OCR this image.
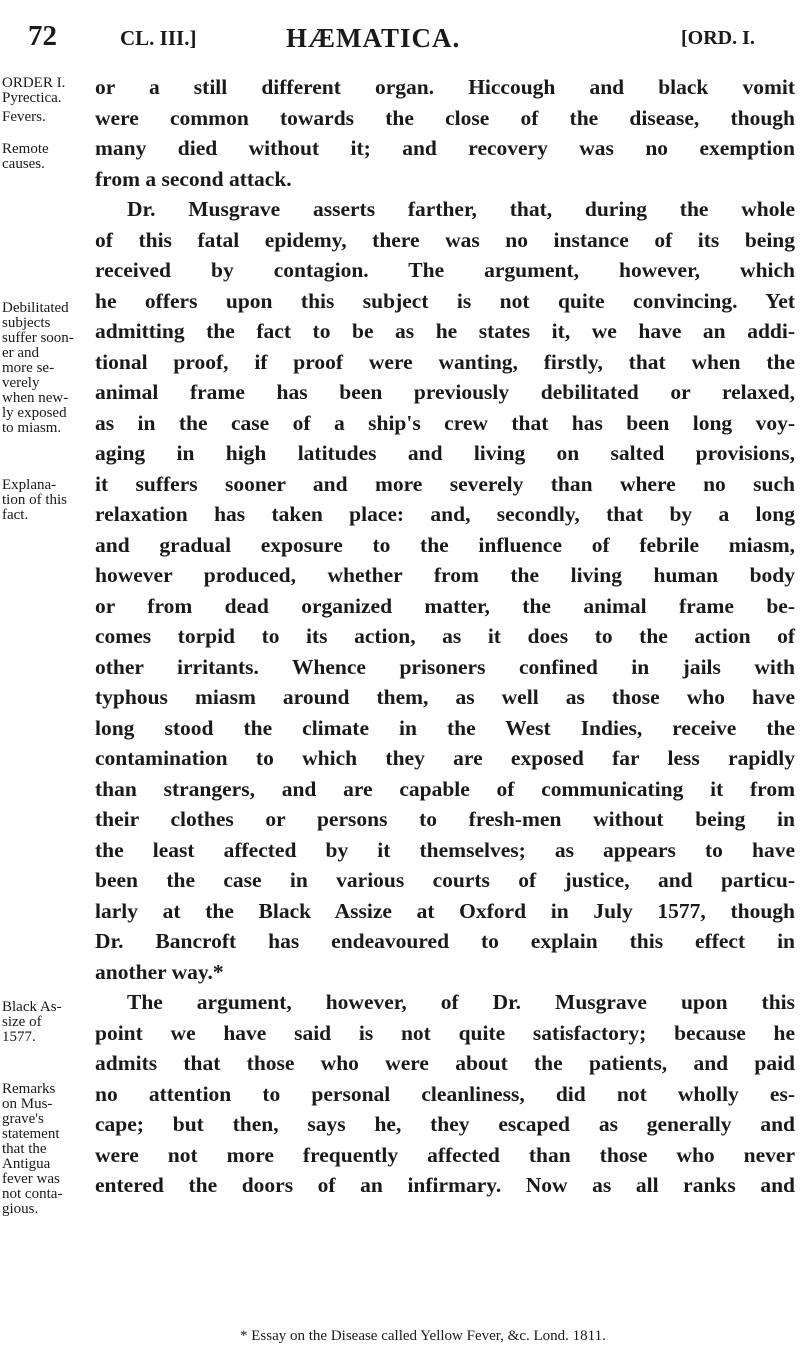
72	CL. III.]	HÆMATICA.	[ORD. I.
ORDER I.
Pyrectica.
Fevers.
Remote
causes.
Debilitated
subjects
suffer soon-
er and
more se-
verely
when new-
ly exposed
to miasm.
Explana-
tion of this
fact.
Black As-
size of
1577.
Remarks
on Mus-
grave's
statement
that the
Antigua
fever was
not conta-
gious.

or a still different organ. Hiccough and black vomit
were common towards the close of the disease, though
many died without it; and recovery was no exemption
from a second attack.

Dr. Musgrave asserts farther, that, during the whole
of this fatal epidemy, there was no instance of its being
received by contagion. The argument, however, which
he offers upon this subject is not quite convincing. Yet
admitting the fact to be as he states it, we have an addi-
tional proof, if proof were wanting, firstly, that when the
animal frame has been previously debilitated or relaxed,
as in the case of a ship's crew that has been long voy-
aging in high latitudes and living on salted provisions,
it suffers sooner and more severely than where no such
relaxation has taken place: and, secondly, that by a long
and gradual exposure to the influence of febrile miasm,
however produced, whether from the living human body
or from dead organized matter, the animal frame be-
comes torpid to its action, as it does to the action of
other irritants. Whence prisoners confined in jails with
typhous miasm around them, as well as those who have
long stood the climate in the West Indies, receive the
contamination to which they are exposed far less rapidly
than strangers, and are capable of communicating it from
their clothes or persons to fresh-men without being in
the least affected by it themselves; as appears to have
been the case in various courts of justice, and particu-
larly at the Black Assize at Oxford in July 1577, though
Dr. Bancroft has endeavoured to explain this effect in
another way.*

The argument, however, of Dr. Musgrave upon this
point we have said is not quite satisfactory; because he
admits that those who were about the patients, and paid
no attention to personal cleanliness, did not wholly es-
cape; but then, says he, they escaped as generally and
were not more frequently affected than those who never
entered the doors of an infirmary. Now as all ranks and

* Essay on the Disease called Yellow Fever, &c. Lond. 1811.
